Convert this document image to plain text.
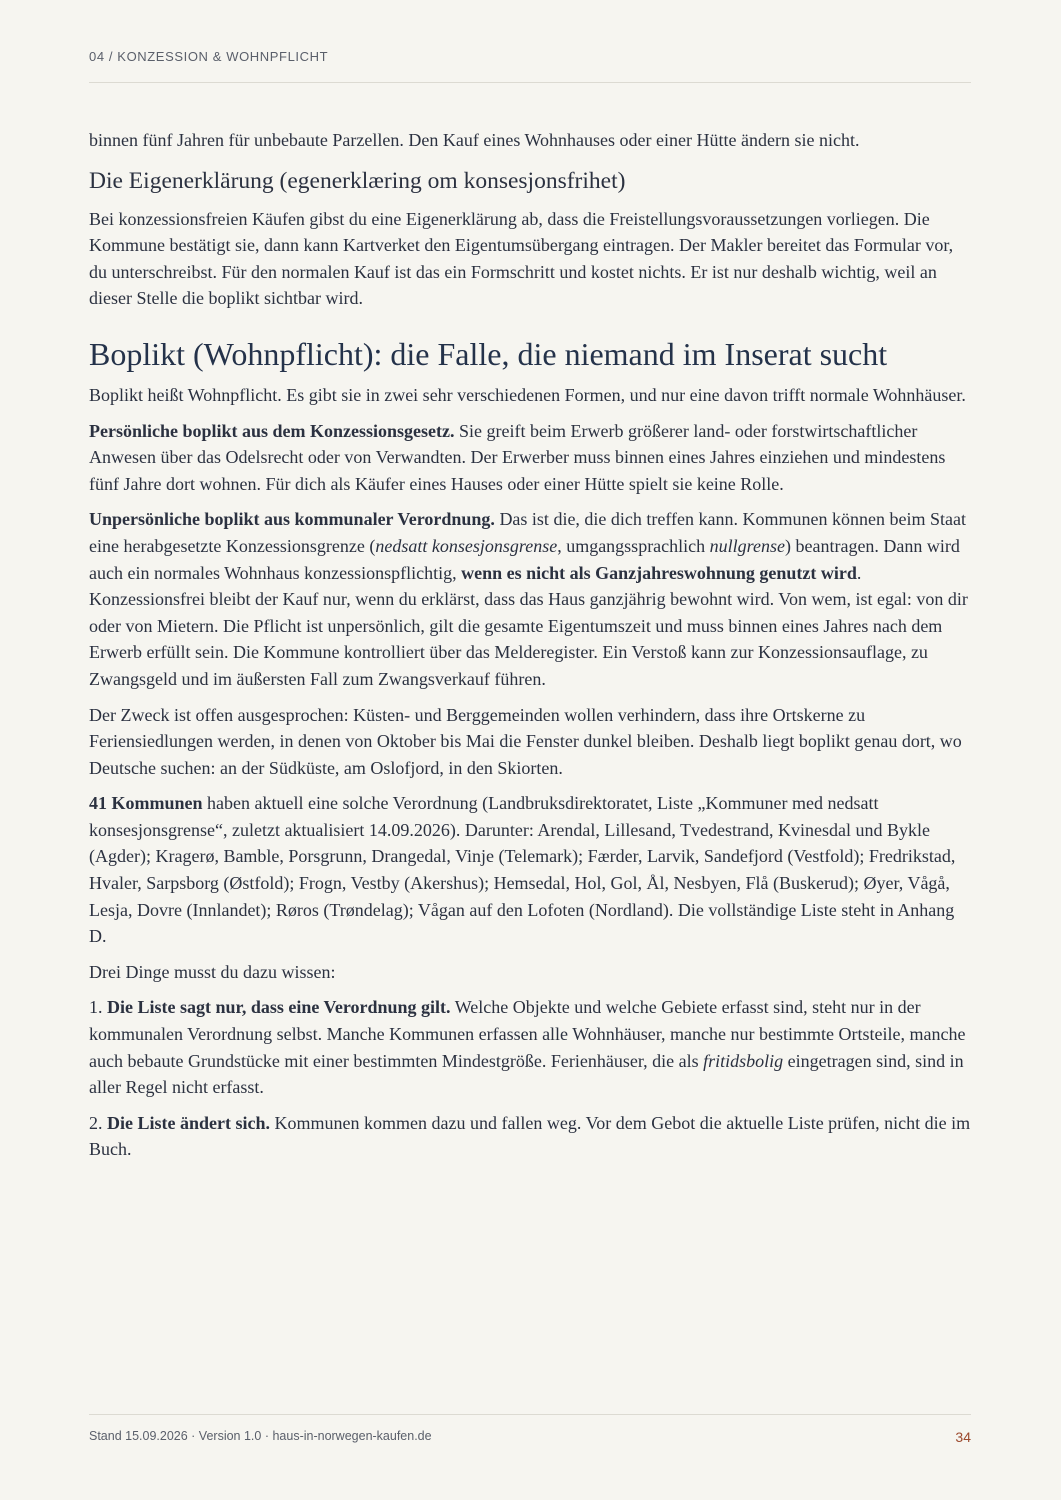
04 / KONZESSION & WOHNPFLICHT

binnen fünf Jahren für unbebaute Parzellen. Den Kauf eines Wohnhauses oder einer Hütte ändern sie nicht.

Die Eigenerklärung (egenerklæring om konsesjonsfrihet)

Bei konzessionsfreien Käufen gibst du eine Eigenerklärung ab, dass die Freistellungsvoraussetzungen vorliegen. Die Kommune bestätigt sie, dann kann Kartverket den Eigentumsübergang eintragen. Der Makler bereitet das Formular vor, du unterschreibst. Für den normalen Kauf ist das ein Formschritt und kostet nichts. Er ist nur deshalb wichtig, weil an dieser Stelle die boplikt sichtbar wird.

Boplikt (Wohnpflicht): die Falle, die niemand im Inserat sucht

Boplikt heißt Wohnpflicht. Es gibt sie in zwei sehr verschiedenen Formen, und nur eine davon trifft normale Wohnhäuser.

Persönliche boplikt aus dem Konzessionsgesetz. Sie greift beim Erwerb größerer land- oder forstwirtschaftlicher Anwesen über das Odelsrecht oder von Verwandten. Der Erwerber muss binnen eines Jahres einziehen und mindestens fünf Jahre dort wohnen. Für dich als Käufer eines Hauses oder einer Hütte spielt sie keine Rolle.

Unpersönliche boplikt aus kommunaler Verordnung. Das ist die, die dich treffen kann. Kommunen können beim Staat eine herabgesetzte Konzessionsgrenze (nedsatt konsesjonsgrense, umgangssprachlich nullgrense) beantragen. Dann wird auch ein normales Wohnhaus konzessionspflichtig, wenn es nicht als Ganzjahreswohnung genutzt wird. Konzessionsfrei bleibt der Kauf nur, wenn du erklärst, dass das Haus ganzjährig bewohnt wird. Von wem, ist egal: von dir oder von Mietern. Die Pflicht ist unpersönlich, gilt die gesamte Eigentumszeit und muss binnen eines Jahres nach dem Erwerb erfüllt sein. Die Kommune kontrolliert über das Melderegister. Ein Verstoß kann zur Konzessionsauflage, zu Zwangsgeld und im äußersten Fall zum Zwangsverkauf führen.

Der Zweck ist offen ausgesprochen: Küsten- und Berggemeinden wollen verhindern, dass ihre Ortskerne zu Feriensiedlungen werden, in denen von Oktober bis Mai die Fenster dunkel bleiben. Deshalb liegt boplikt genau dort, wo Deutsche suchen: an der Südküste, am Oslofjord, in den Skiorten.

41 Kommunen haben aktuell eine solche Verordnung (Landbruksdirektoratet, Liste „Kommuner med nedsatt konsesjonsgrense“, zuletzt aktualisiert 14.09.2026). Darunter: Arendal, Lillesand, Tvedestrand, Kvinesdal und Bykle (Agder); Kragerø, Bamble, Porsgrunn, Drangedal, Vinje (Telemark); Færder, Larvik, Sandefjord (Vestfold); Fredrikstad, Hvaler, Sarpsborg (Østfold); Frogn, Vestby (Akershus); Hemsedal, Hol, Gol, Ål, Nesbyen, Flå (Buskerud); Øyer, Vågå, Lesja, Dovre (Innlandet); Røros (Trøndelag); Vågan auf den Lofoten (Nordland). Die vollständige Liste steht in Anhang D.

Drei Dinge musst du dazu wissen:

1. Die Liste sagt nur, dass eine Verordnung gilt. Welche Objekte und welche Gebiete erfasst sind, steht nur in der kommunalen Verordnung selbst. Manche Kommunen erfassen alle Wohnhäuser, manche nur bestimmte Ortsteile, manche auch bebaute Grundstücke mit einer bestimmten Mindestgröße. Ferienhäuser, die als fritidsbolig eingetragen sind, sind in aller Regel nicht erfasst.

2. Die Liste ändert sich. Kommunen kommen dazu und fallen weg. Vor dem Gebot die aktuelle Liste prüfen, nicht die im Buch.

Stand 15.09.2026 · Version 1.0 · haus-in-norwegen-kaufen.de	34
